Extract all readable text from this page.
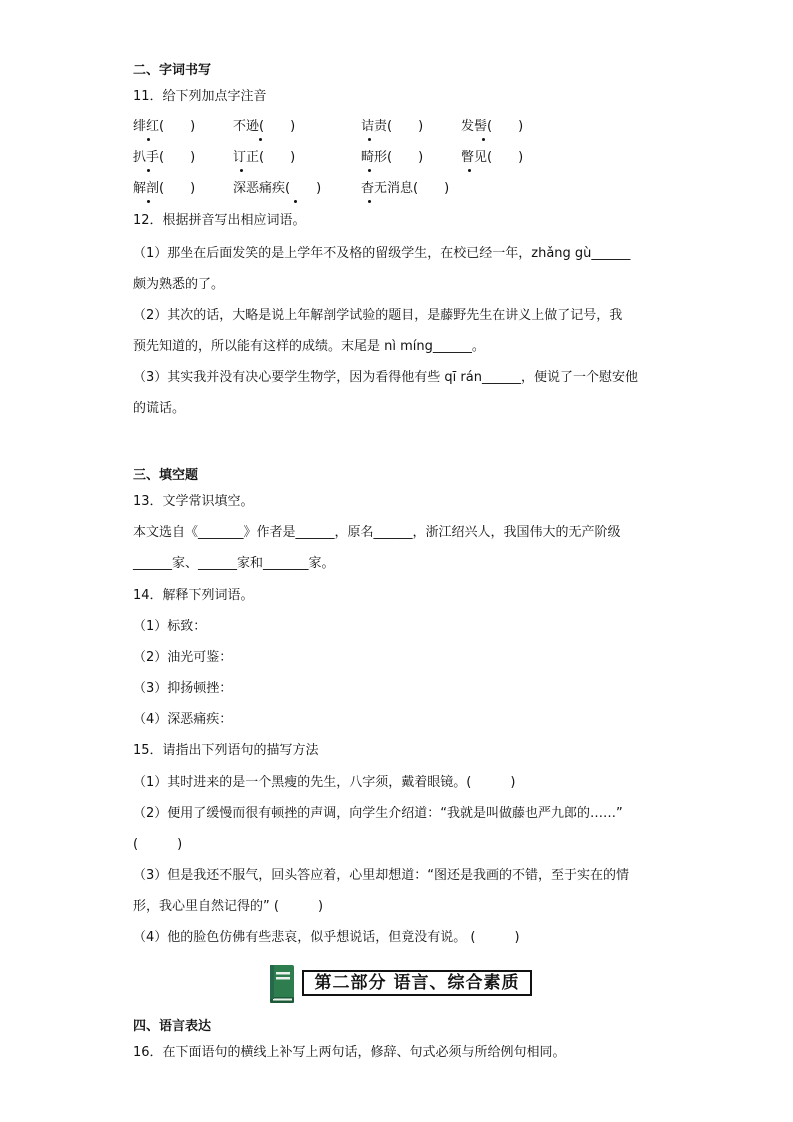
二、字词书写
11．给下列加点字注音
绯红(　　)	不逊(　　)	诘责(　　)	发髻(　　)
扒手(　　)	订正(　　)	畸形(　　)	瞥见(　　)
解剖(　　)	深恶痛疾(　　)	杳无消息(　　)
12．根据拼音写出相应词语。
（1）那坐在后面发笑的是上学年不及格的留级学生，在校已经一年，zhǎng gù______
颇为熟悉的了。
（2）其次的话，大略是说上年解剖学试验的题目，是藤野先生在讲义上做了记号，我
预先知道的，所以能有这样的成绩。末尾是 nì míng______。
（3）其实我并没有决心要学生物学，因为看得他有些 qī rán______，便说了一个慰安他
的谎话。
三、填空题
13．文学常识填空。
本文选自《_______》作者是______，原名______，浙江绍兴人，我国伟大的无产阶级
______家、______家和_______家。
14．解释下列词语。
（1）标致：
（2）油光可鉴：
（3）抑扬顿挫：
（4）深恶痛疾：
15．请指出下列语句的描写方法
（1）其时进来的是一个黑瘦的先生，八字须，戴着眼镜。(　　　)
（2）便用了缓慢而很有顿挫的声调，向学生介绍道：“我就是叫做藤也严九郎的……”
(　　　)
（3）但是我还不服气，回头答应着，心里却想道：“图还是我画的不错，至于实在的情
形，我心里自然记得的” (　　　)
（4）他的脸色仿佛有些悲哀，似乎想说话，但竟没有说。 (　　　)
第二部分 语言、综合素质
四、语言表达
16．在下面语句的横线上补写上两句话，修辞、句式必须与所给例句相同。
